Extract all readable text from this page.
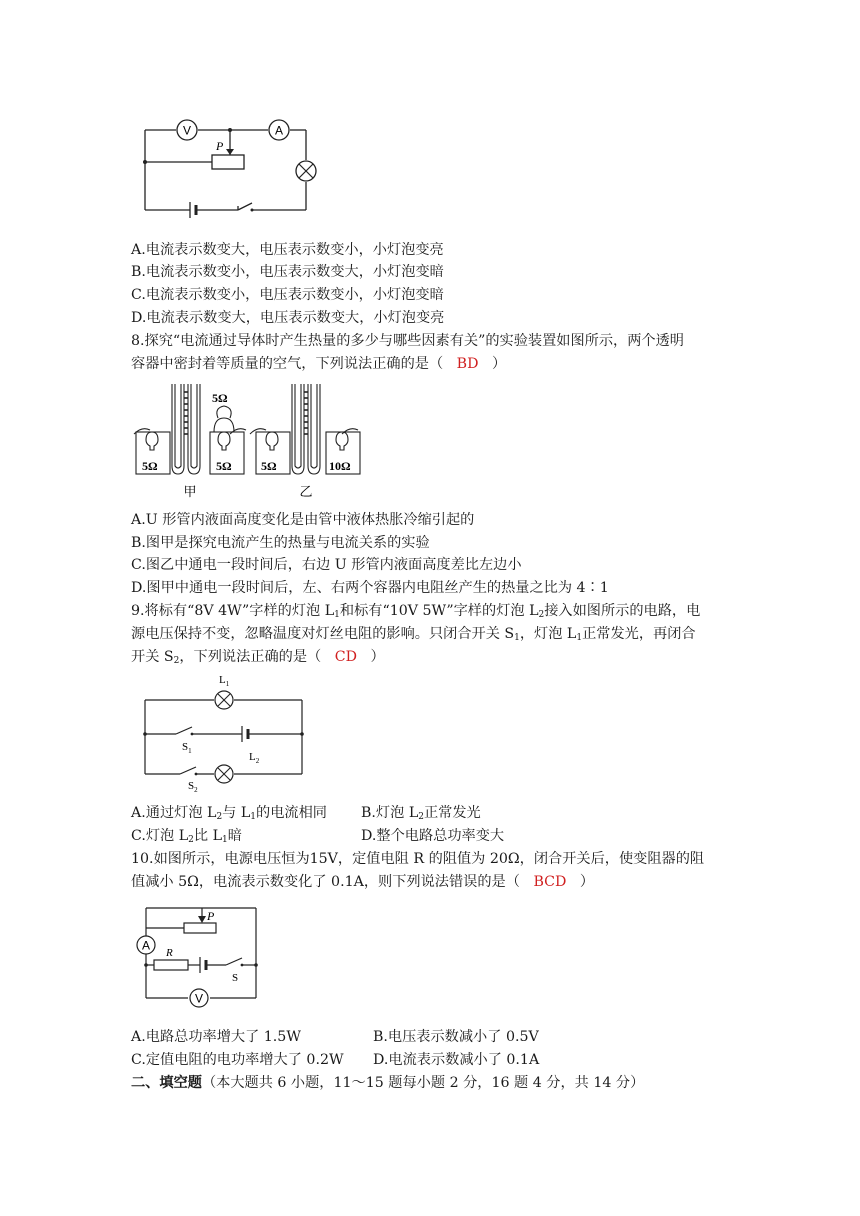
V	A
P
A.电流表示数变大，电压表示数变小，小灯泡变亮
B.电流表示数变小，电压表示数变大，小灯泡变暗
C.电流表示数变小，电压表示数变小，小灯泡变暗
D.电流表示数变大，电压表示数变大，小灯泡变亮
8.探究“电流通过导体时产生热量的多少与哪些因素有关”的实验装置如图所示，两个透明
容器中密封着等质量的空气，下列说法正确的是（ BD ）
5Ω	5Ω
5Ω
5Ω	10Ω
甲	乙
A.U 形管内液面高度变化是由管中液体热胀冷缩引起的
B.图甲是探究电流产生的热量与电流关系的实验
C.图乙中通电一段时间后，右边 U 形管内液面高度差比左边小
D.图甲中通电一段时间后，左、右两个容器内电阻丝产生的热量之比为 4∶1
9.将标有“8V 4W”字样的灯泡 $L_1$和标有“10V 5W”字样的灯泡 $L_2$接入如图所示的电路，电
源电压保持不变，忽略温度对灯丝电阻的影响。只闭合开关 $S_1$，灯泡 $L_1$正常发光，再闭合
开关 $S_2$，下列说法正确的是（ CD ）
$L_1$
$L_2$
$S_1$
$S_2$
A.通过灯泡 $L_2$与 $L_1$的电流相同 B.灯泡 $L_2$正常发光
C.灯泡 $L_2$比 $L_1$暗	D.整个电路总功率变大
10.如图所示，电源电压恒为15V，定值电阻 R 的阻值为 20Ω，闭合开关后，使变阻器的阻
值减小 5Ω，电流表示数变化了 0.1A，则下列说法错误的是（ BCD ）
A
V
P
R
S
A.电路总功率增大了 1.5W	B.电压表示数减小了 0.5V
C.定值电阻的电功率增大了 0.2W D.电流表示数减小了 0.1A
二、填空题（本大题共 6 小题，11～15 题每小题 2 分，16 题 4 分，共 14 分）
